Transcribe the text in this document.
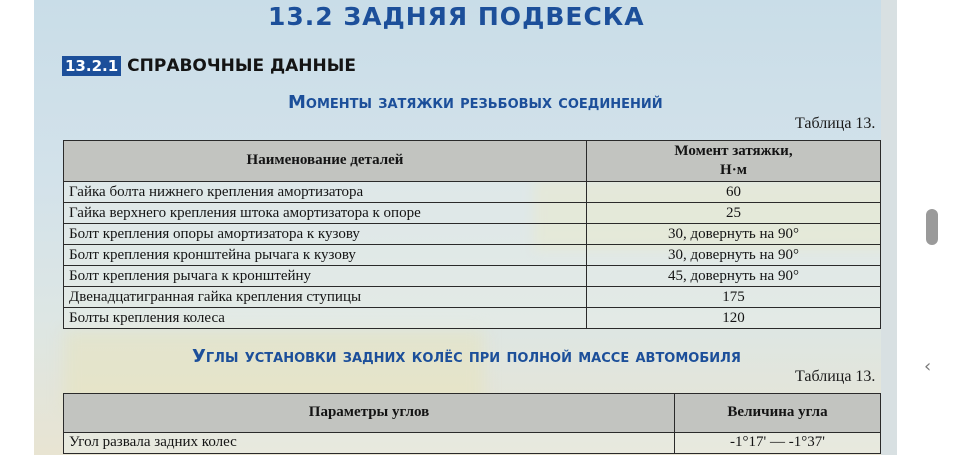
13.2 ЗАДНЯЯ ПОДВЕСКА
13.2.1 СПРАВОЧНЫЕ ДАННЫЕ
Моменты затяжки резьбовых соединений
Таблица 13.
Наименование деталей	Момент затяжки,
Н·м
Гайка болта нижнего крепления амортизатора	60
Гайка верхнего крепления штока амортизатора к опоре	25
Болт крепления опоры амортизатора к кузову	30, довернуть на 90°
Болт крепления кронштейна рычага к кузову	30, довернуть на 90°
Болт крепления рычага к кронштейну	45, довернуть на 90°
Двенадцатигранная гайка крепления ступицы	175
Болты крепления колеса	120
Углы установки задних колёс при полной массе автомобиля
Таблица 13.
Параметры углов	Величина угла
Угол развала задних колес	-1°17' — -1°37'
‹
